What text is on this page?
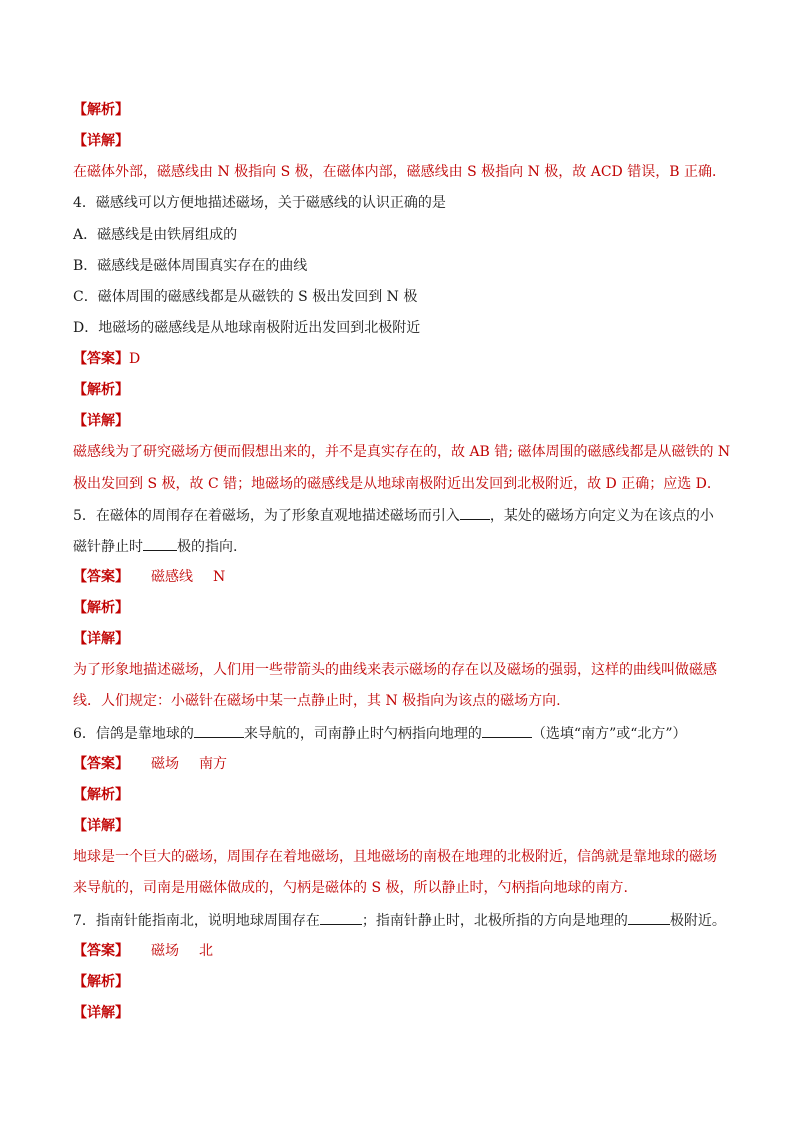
【解析】
【详解】
在磁体外部，磁感线由 N 极指向 S 极，在磁体内部，磁感线由 S 极指向 N 极，故 ACD 错误，B 正确．
4．磁感线可以方便地描述磁场，关于磁感线的认识正确的是
A．磁感线是由铁屑组成的
B．磁感线是磁体周围真实存在的曲线
C．磁体周围的磁感线都是从磁铁的 S 极出发回到 N 极
D．地磁场的磁感线是从地球南极附近出发回到北极附近
【答案】D
【解析】
【详解】
磁感线为了研究磁场方便而假想出来的，并不是真实存在的，故 AB 错; 磁体周围的磁感线都是从磁铁的 N
极出发回到 S 极，故 C 错；地磁场的磁感线是从地球南极附近出发回到北极附近，故 D 正确；应选 D．
5．在磁体的周闱存在着磁场，为了形象直观地描述磁场而引入 ，某处的磁场方向定义为在该点的小
磁针静止时 极的指向.
【答案】 磁感线 N
【解析】
【详解】
为了形象地描述磁场，人们用一些带箭头的曲线来表示磁场的存在以及磁场的强弱，这样的曲线叫做磁感
线．人们规定：小磁针在磁场中某一点静止时，其 N 极指向为该点的磁场方向.
6．信鸽是靠地球的	来导航的，司南静止时勺柄指向地理的	（选填“南方”或“北方”）
【答案】 磁场 南方
【解析】
【详解】
地球是一个巨大的磁场，周围存在着地磁场，且地磁场的南极在地理的北极附近，信鸽就是靠地球的磁场
来导航的，司南是用磁体做成的，勺柄是磁体的 S 极，所以静止时，勺柄指向地球的南方.
7．指南针能指南北，说明地球周围存在	；指南针静止时，北极所指的方向是地理的	极附近。
【答案】 磁场 北
【解析】
【详解】
